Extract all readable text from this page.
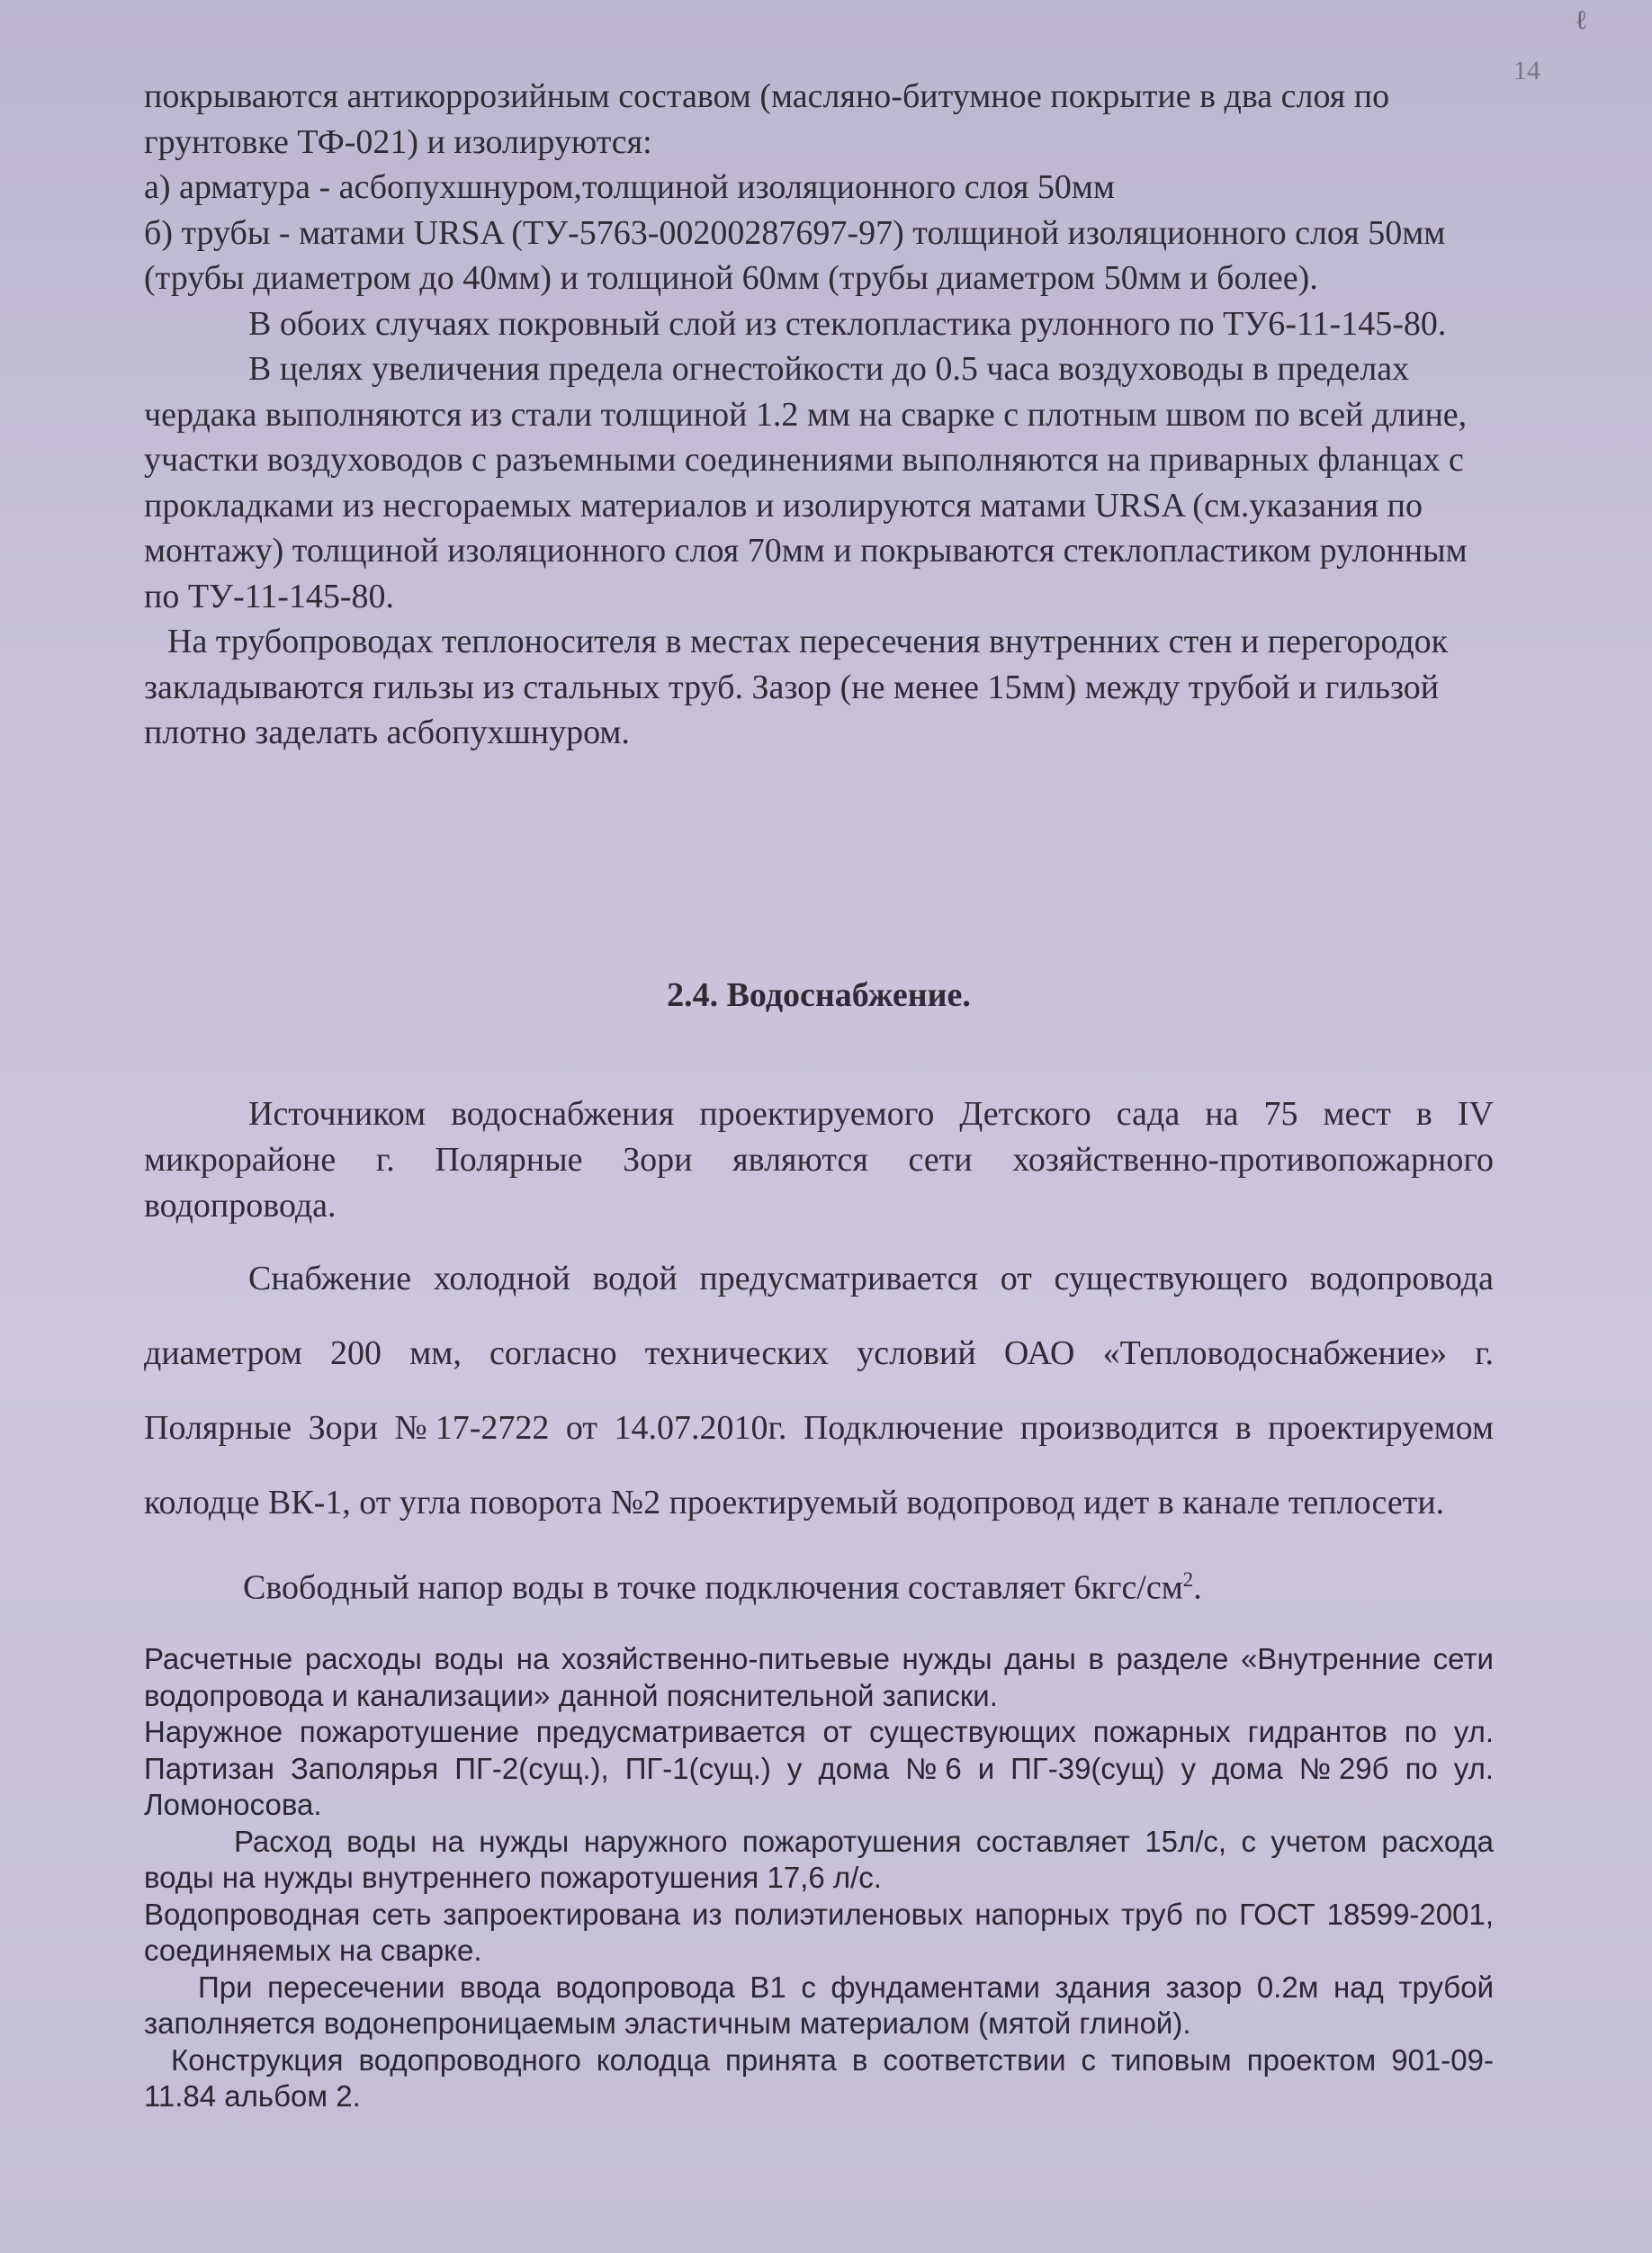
ℓ
14

покрываются антикоррозийным составом (масляно-битумное покрытие в два слоя по грунтовке ТФ-021) и изолируются:

а) арматура - асбопухшнуром,толщиной изоляционного слоя 50мм

б) трубы - матами URSA (ТУ-5763-00200287697-97) толщиной изоляционного слоя 50мм (трубы диаметром до 40мм) и толщиной 60мм (трубы диаметром 50мм и более).

В обоих случаях покровный слой из стеклопластика рулонного по ТУ6-11-145-80.

В целях увеличения предела огнестойкости до 0.5 часа воздуховоды в пределах чердака выполняются из стали толщиной 1.2 мм на сварке с плотным швом по всей длине, участки воздуховодов с разъемными соединениями выполняются на приварных фланцах с прокладками из несгораемых материалов и изолируются матами URSA (см.указания по монтажу) толщиной изоляционного слоя 70мм и покрываются стеклопластиком рулонным по ТУ-11-145-80.

На трубопроводах теплоносителя в местах пересечения внутренних стен и перегородок закладываются гильзы из стальных труб. Зазор (не менее 15мм) между трубой и гильзой плотно заделать асбопухшнуром.

2.4. Водоснабжение.

Источником водоснабжения проектируемого Детского сада на 75 мест в IV микрорайоне г. Полярные Зори являются сети хозяйственно-противопожарного водопровода.

Снабжение холодной водой предусматривается от существующего водопровода диаметром 200 мм, согласно технических условий ОАО «Тепловодоснабжение» г. Полярные Зори №17-2722 от 14.07.2010г. Подключение производится в проектируемом колодце ВК-1, от угла поворота №2 проектируемый водопровод идет в канале теплосети.

Свободный напор воды в точке подключения составляет $6кгс/см^2$.

Расчетные расходы воды на хозяйственно-питьевые нужды даны в разделе «Внутренние сети водопровода и канализации» данной пояснительной записки.

Наружное пожаротушение предусматривается от существующих пожарных гидрантов по ул. Партизан Заполярья ПГ-2(сущ.), ПГ-1(сущ.) у дома №6 и ПГ-39(сущ) у дома №29б по ул. Ломоносова.

Расход воды на нужды наружного пожаротушения составляет 15л/с, с учетом расхода воды на нужды внутреннего пожаротушения 17,6 л/с.

Водопроводная сеть запроектирована из полиэтиленовых напорных труб по ГОСТ 18599-2001, соединяемых на сварке.

При пересечении ввода водопровода В1 с фундаментами здания зазор 0.2м над трубой заполняется водонепроницаемым эластичным материалом (мятой глиной).

Конструкция водопроводного колодца принята в соответствии с типовым проектом 901-09-11.84 альбом 2.
